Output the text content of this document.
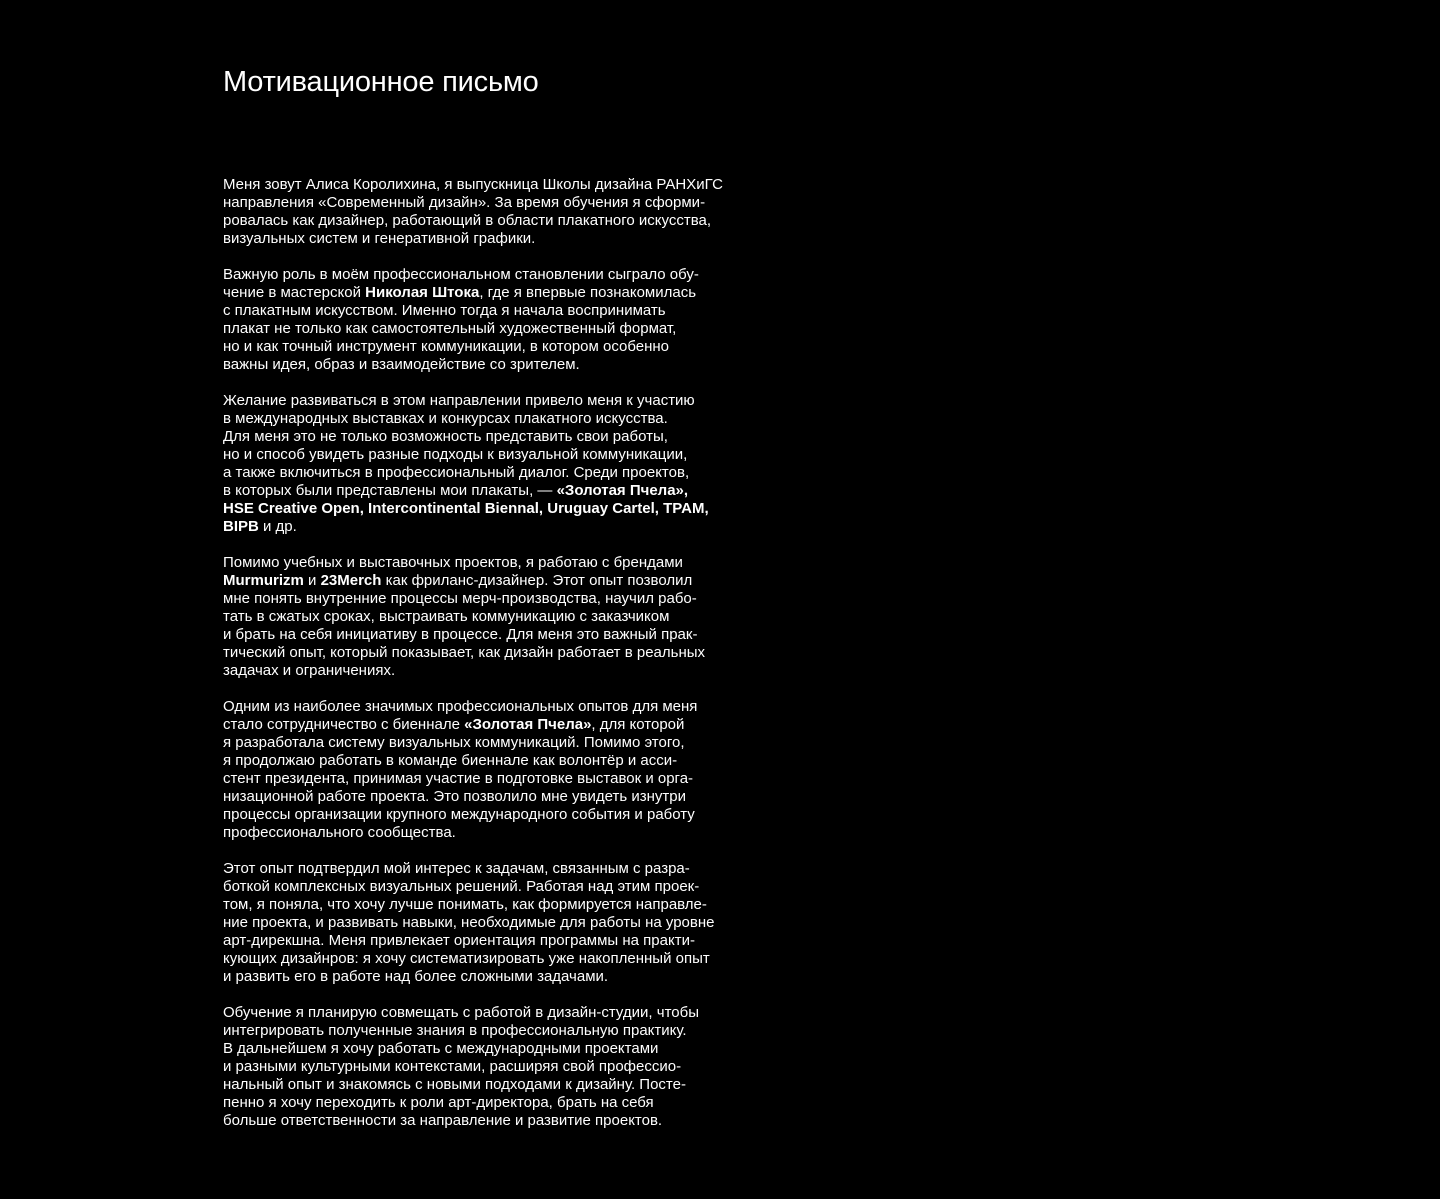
Мотивационное письмо
Меня зовут Алиса Королихина, я выпускница Школы дизайна РАНХиГС
направления «Современный дизайн». За время обучения я сформи-
ровалась как дизайнер, работающий в области плакатного искусства,
визуальных систем и генеративной графики.
Важную роль в моём профессиональном становлении сыграло обу-
чение в мастерской Николая Штока, где я впервые познакомилась
с плакатным искусством. Именно тогда я начала воспринимать
плакат не только как самостоятельный художественный формат,
но и как точный инструмент коммуникации, в котором особенно
важны идея, образ и взаимодействие со зрителем.
Желание развиваться в этом направлении привело меня к участию
в международных выставках и конкурсах плакатного искусства.
Для меня это не только возможность представить свои работы,
но и способ увидеть разные подходы к визуальной коммуникации,
а также включиться в профессиональный диалог. Среди проектов,
в которых были представлены мои плакаты, — «Золотая Пчела»,
HSE Creative Open, Intercontinental Biennal, Uruguay Cartel, TPAM,
BIPB и др.
Помимо учебных и выставочных проектов, я работаю с брендами
Murmurizm и 23Merch как фриланс-дизайнер. Этот опыт позволил
мне понять внутренние процессы мерч-производства, научил рабо-
тать в сжатых сроках, выстраивать коммуникацию с заказчиком
и брать на себя инициативу в процессе. Для меня это важный прак-
тический опыт, который показывает, как дизайн работает в реальных
задачах и ограничениях.
Одним из наиболее значимых профессиональных опытов для меня
стало сотрудничество с биеннале «Золотая Пчела», для которой
я разработала систему визуальных коммуникаций. Помимо этого,
я продолжаю работать в команде биеннале как волонтёр и асси-
стент президента, принимая участие в подготовке выставок и орга-
низационной работе проекта. Это позволило мне увидеть изнутри
процессы организации крупного международного события и работу
профессионального сообщества.
Этот опыт подтвердил мой интерес к задачам, связанным с разра-
боткой комплексных визуальных решений. Работая над этим проек-
том, я поняла, что хочу лучше понимать, как формируется направле-
ние проекта, и развивать навыки, необходимые для работы на уровне
арт-дирекшна. Меня привлекает ориентация программы на практи-
кующих дизайнров: я хочу систематизировать уже накопленный опыт
и развить его в работе над более сложными задачами.
Обучение я планирую совмещать с работой в дизайн-студии, чтобы
интегрировать полученные знания в профессиональную практику.
В дальнейшем я хочу работать с международными проектами
и разными культурными контекстами, расширяя свой профессио-
нальный опыт и знакомясь с новыми подходами к дизайну. Посте-
пенно я хочу переходить к роли арт-директора, брать на себя
больше ответственности за направление и развитие проектов.
